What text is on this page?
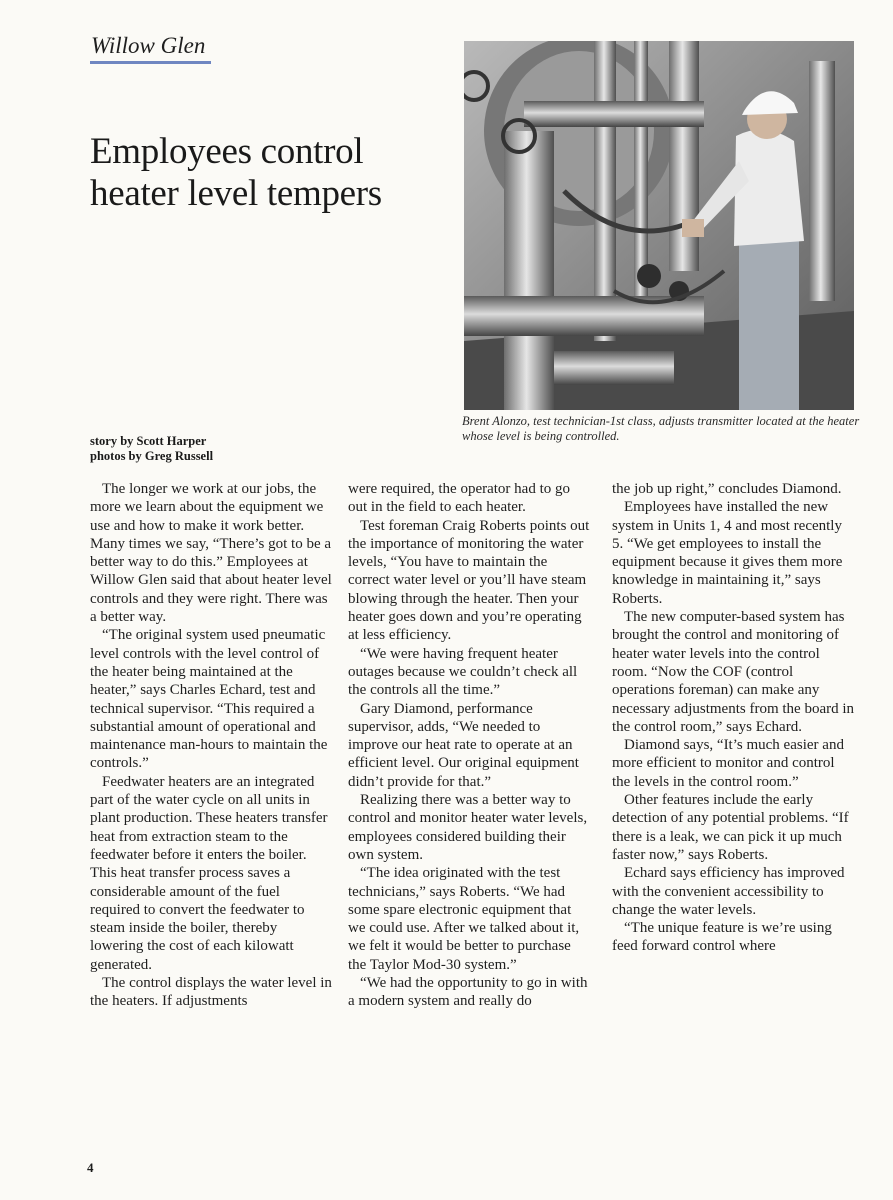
Willow Glen
Employees control heater level tempers
Brent Alonzo, test technician-1st class, adjusts transmitter located at the heater whose level is being controlled.
story by Scott Harper
photos by Greg Russell

The longer we work at our jobs, the more we learn about the equipment we use and how to make it work better. Many times we say, “There’s got to be a better way to do this.” Employees at Willow Glen said that about heater level controls and they were right. There was a better way.

“The original system used pneumatic level controls with the level control of the heater being maintained at the heater,” says Charles Echard, test and technical supervisor. “This required a substantial amount of operational and maintenance man-hours to maintain the controls.”

Feedwater heaters are an integrated part of the water cycle on all units in plant production. These heaters transfer heat from extraction steam to the feedwater before it enters the boiler. This heat transfer process saves a considerable amount of the fuel required to convert the feedwater to steam inside the boiler, thereby lowering the cost of each kilowatt generated.

The control displays the water level in the heaters. If adjustments

were required, the operator had to go out in the field to each heater.

Test foreman Craig Roberts points out the importance of monitoring the water levels, “You have to maintain the correct water level or you’ll have steam blowing through the heater. Then your heater goes down and you’re operating at less efficiency.

“We were having frequent heater outages because we couldn’t check all the controls all the time.”

Gary Diamond, performance supervisor, adds, “We needed to improve our heat rate to operate at an efficient level. Our original equipment didn’t provide for that.”

Realizing there was a better way to control and monitor heater water levels, employees considered building their own system.

“The idea originated with the test technicians,” says Roberts. “We had some spare electronic equipment that we could use. After we talked about it, we felt it would be better to purchase the Taylor Mod-30 system.”

“We had the opportunity to go in with a modern system and really do

the job up right,” concludes Diamond.

Employees have installed the new system in Units 1, 4 and most recently 5. “We get employees to install the equipment because it gives them more knowledge in maintaining it,” says Roberts.

The new computer-based system has brought the control and monitoring of heater water levels into the control room. “Now the COF (control operations foreman) can make any necessary adjustments from the board in the control room,” says Echard.

Diamond says, “It’s much easier and more efficient to monitor and control the levels in the control room.”

Other features include the early detection of any potential problems. “If there is a leak, we can pick it up much faster now,” says Roberts.

Echard says efficiency has improved with the convenient accessibility to change the water levels.

“The unique feature is we’re using feed forward control where

4
